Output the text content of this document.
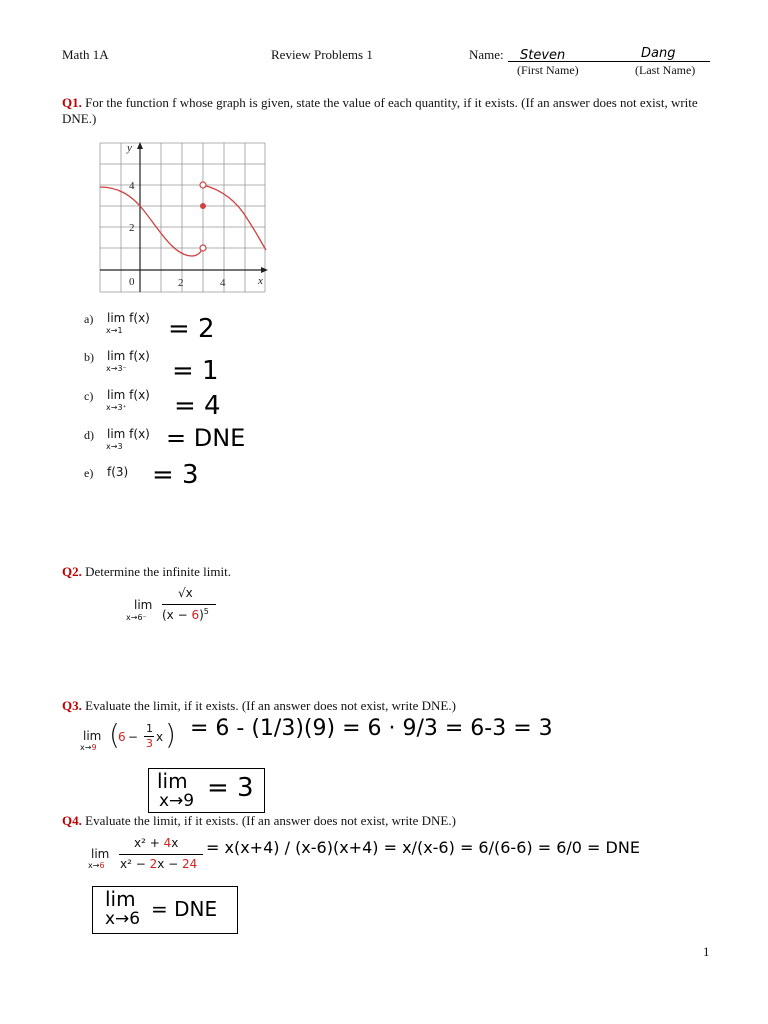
Math 1A	Review Problems 1	Name: Steven	Dang
(First Name)	(Last Name)
Q1. For the function f whose graph is given, state the value of each quantity, if it exists. (If an answer does not exist, write DNE.)
y
x
0	2	4
2
4
a) lim f(x)
x→1 = 2
b) lim f(x)
x→3⁻ = 1
c) lim f(x)
x→3⁺ = 4
d) lim f(x)
x→3 = DNE
e) f(3) = 3
Q2. Determine the infinite limit.
lim
x→6⁻
√x
$(x - 6)^5$
Q3. Evaluate the limit, if it exists. (If an answer does not exist, write DNE.)
lim
x→9 (
6
−
1
3 x ) = 6 - (1/3)(9) = 6 · 9/3 = 6-3 = 3
lim
x→9 = 3
Q4. Evaluate the limit, if it exists. (If an answer does not exist, write DNE.)
lim
x→6
x² + 4x
x² − 2x − 24
= x(x+4) / (x-6)(x+4) = x/(x-6) = 6/(6-6) = 6/0 = DNE
lim
x→6 = DNE
1
